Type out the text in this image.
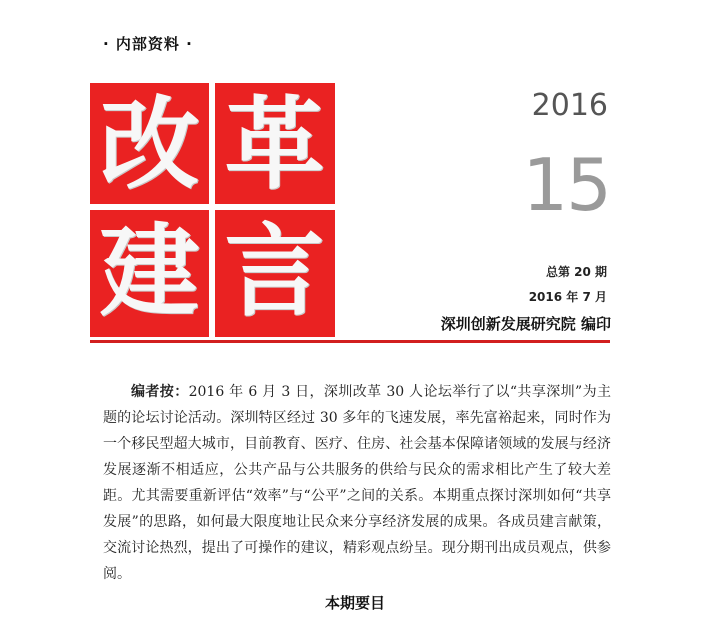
· 内部资料 ·
改 革
建 言
2016
15
总第 20 期
2016 年 7 月
深圳创新发展研究院 编印
编者按：2016 年 6 月 3 日，深圳改革 30 人论坛举行了以“共享深圳”为主题的论坛讨论活动。深圳特区经过 30 多年的飞速发展，率先富裕起来，同时作为一个移民型超大城市，目前教育、医疗、住房、社会基本保障诸领域的发展与经济发展逐渐不相适应，公共产品与公共服务的供给与民众的需求相比产生了较大差距。尤其需要重新评估“效率”与“公平”之间的关系。本期重点探讨深圳如何“共享发展”的思路，如何最大限度地让民众来分享经济发展的成果。各成员建言献策，交流讨论热烈，提出了可操作的建议，精彩观点纷呈。现分期刊出成员观点，供参阅。
本期要目
